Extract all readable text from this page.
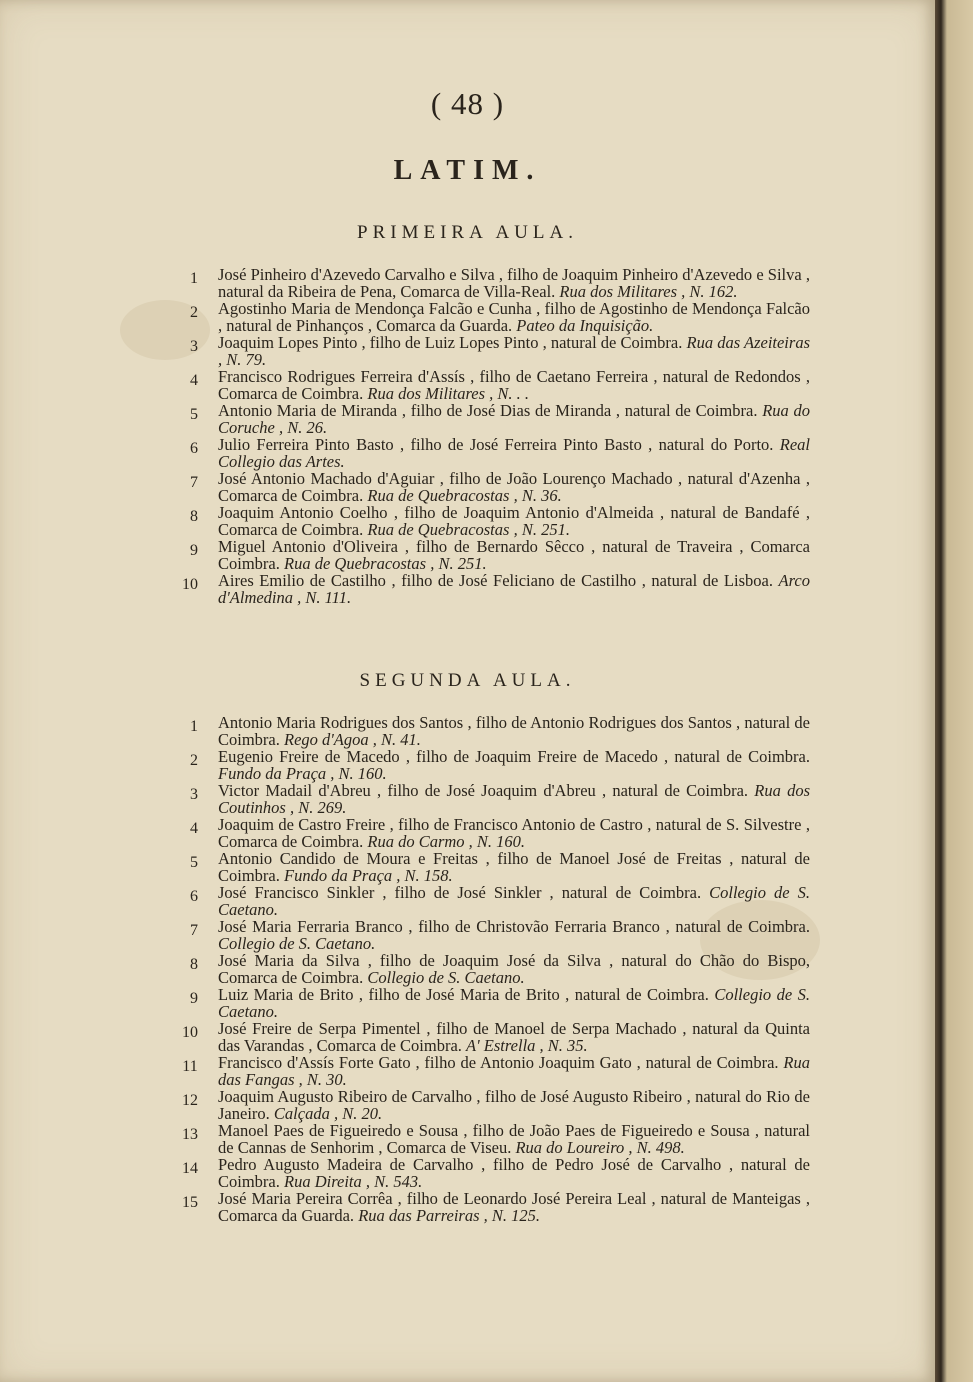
( 48 )
LATIM.
PRIMEIRA AULA.
1	José Pinheiro d'Azevedo Carvalho e Silva , filho de Joaquim Pinheiro d'Azevedo e Silva , natural da Ribeira de Pena, Comarca de Villa-Real. Rua dos Militares , N. 162.
2	Agostinho Maria de Mendonça Falcão e Cunha , filho de Agostinho de Mendonça Falcão , natural de Pinhanços , Comarca da Guarda. Pateo da Inquisição.
3	Joaquim Lopes Pinto , filho de Luiz Lopes Pinto , natural de Coimbra. Rua das Azeiteiras , N. 79.
4	Francisco Rodrigues Ferreira d'Assís , filho de Caetano Ferreira , natural de Redondos , Comarca de Coimbra. Rua dos Militares , N. . .
5	Antonio Maria de Miranda , filho de José Dias de Miranda , natural de Coimbra. Rua do Coruche , N. 26.
6	Julio Ferreira Pinto Basto , filho de José Ferreira Pinto Basto , natural do Porto. Real Collegio das Artes.
7	José Antonio Machado d'Aguiar , filho de João Lourenço Machado , natural d'Azenha , Comarca de Coimbra. Rua de Quebracostas , N. 36.
8	Joaquim Antonio Coelho , filho de Joaquim Antonio d'Almeida , natural de Bandafé , Comarca de Coimbra. Rua de Quebracostas , N. 251.
9	Miguel Antonio d'Oliveira , filho de Bernardo Sêcco , natural de Traveira , Comarca Coimbra. Rua de Quebracostas , N. 251.
10 Aires Emilio de Castilho , filho de José Feliciano de Castilho , natural de Lisboa. Arco d'Almedina , N. 111.
SEGUNDA AULA.
1	Antonio Maria Rodrigues dos Santos , filho de Antonio Rodrigues dos Santos , natural de Coimbra. Rego d'Agoa , N. 41.
2	Eugenio Freire de Macedo , filho de Joaquim Freire de Macedo , natural de Coimbra. Fundo da Praça , N. 160.
3	Victor Madail d'Abreu , filho de José Joaquim d'Abreu , natural de Coimbra. Rua dos Coutinhos , N. 269.
4	Joaquim de Castro Freire , filho de Francisco Antonio de Castro , natural de S. Silvestre , Comarca de Coimbra. Rua do Carmo , N. 160.
5	Antonio Candido de Moura e Freitas , filho de Manoel José de Freitas , natural de Coimbra. Fundo da Praça , N. 158.
6	José Francisco Sinkler , filho de José Sinkler , natural de Coimbra. Collegio de S. Caetano.
7	José Maria Ferraria Branco , filho de Christovão Ferraria Branco , natural de Coimbra. Collegio de S. Caetano.
8	José Maria da Silva , filho de Joaquim José da Silva , natural do Chão do Bispo, Comarca de Coimbra. Collegio de S. Caetano.
9	Luiz Maria de Brito , filho de José Maria de Brito , natural de Coimbra. Collegio de S. Caetano.
10 José Freire de Serpa Pimentel , filho de Manoel de Serpa Machado , natural da Quinta das Varandas , Comarca de Coimbra. A' Estrella , N. 35.
11 Francisco d'Assís Forte Gato , filho de Antonio Joaquim Gato , natural de Coimbra. Rua das Fangas , N. 30.
12 Joaquim Augusto Ribeiro de Carvalho , filho de José Augusto Ribeiro , natural do Rio de Janeiro. Calçada , N. 20.
13 Manoel Paes de Figueiredo e Sousa , filho de João Paes de Figueiredo e Sousa , natural de Cannas de Senhorim , Comarca de Viseu. Rua do Loureiro , N. 498.
14 Pedro Augusto Madeira de Carvalho , filho de Pedro José de Carvalho , natural de Coimbra. Rua Direita , N. 543.
15 José Maria Pereira Corrêa , filho de Leonardo José Pereira Leal , natural de Manteigas , Comarca da Guarda. Rua das Parreiras , N. 125.
